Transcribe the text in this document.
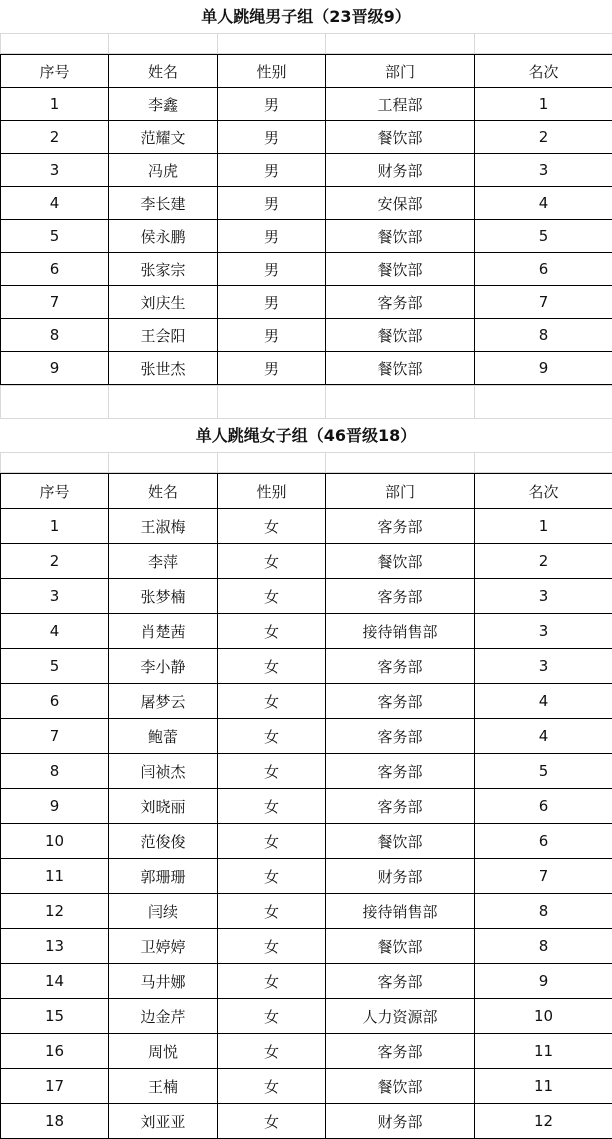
单人跳绳男子组（23晋级9）

序号	姓名	性别	部门	名次
1	李鑫	男	工程部	1
2	范耀文	男	餐饮部	2
3	冯虎	男	财务部	3
4	李长建	男	安保部	4
5	侯永鹏	男	餐饮部	5
6	张家宗	男	餐饮部	6
7	刘庆生	男	客务部	7
8	王会阳	男	餐饮部	8
9	张世杰	男	餐饮部	9

单人跳绳女子组（46晋级18）

序号	姓名	性别	部门	名次
1	王淑梅	女	客务部	1
2	李萍	女	餐饮部	2
3	张梦楠	女	客务部	3
4	肖楚茜	女	接待销售部	3
5	李小静	女	客务部	3
6	屠梦云	女	客务部	4
7	鲍蕾	女	客务部	4
8	闫祯杰	女	客务部	5
9	刘晓丽	女	客务部	6
10	范俊俊	女	餐饮部	6
11	郭珊珊	女	财务部	7
12	闫续	女	接待销售部	8
13	卫婷婷	女	餐饮部	8
14	马井娜	女	客务部	9
15	边金芹	女	人力资源部	10
16	周悦	女	客务部	11
17	王楠	女	餐饮部	11
18	刘亚亚	女	财务部	12
